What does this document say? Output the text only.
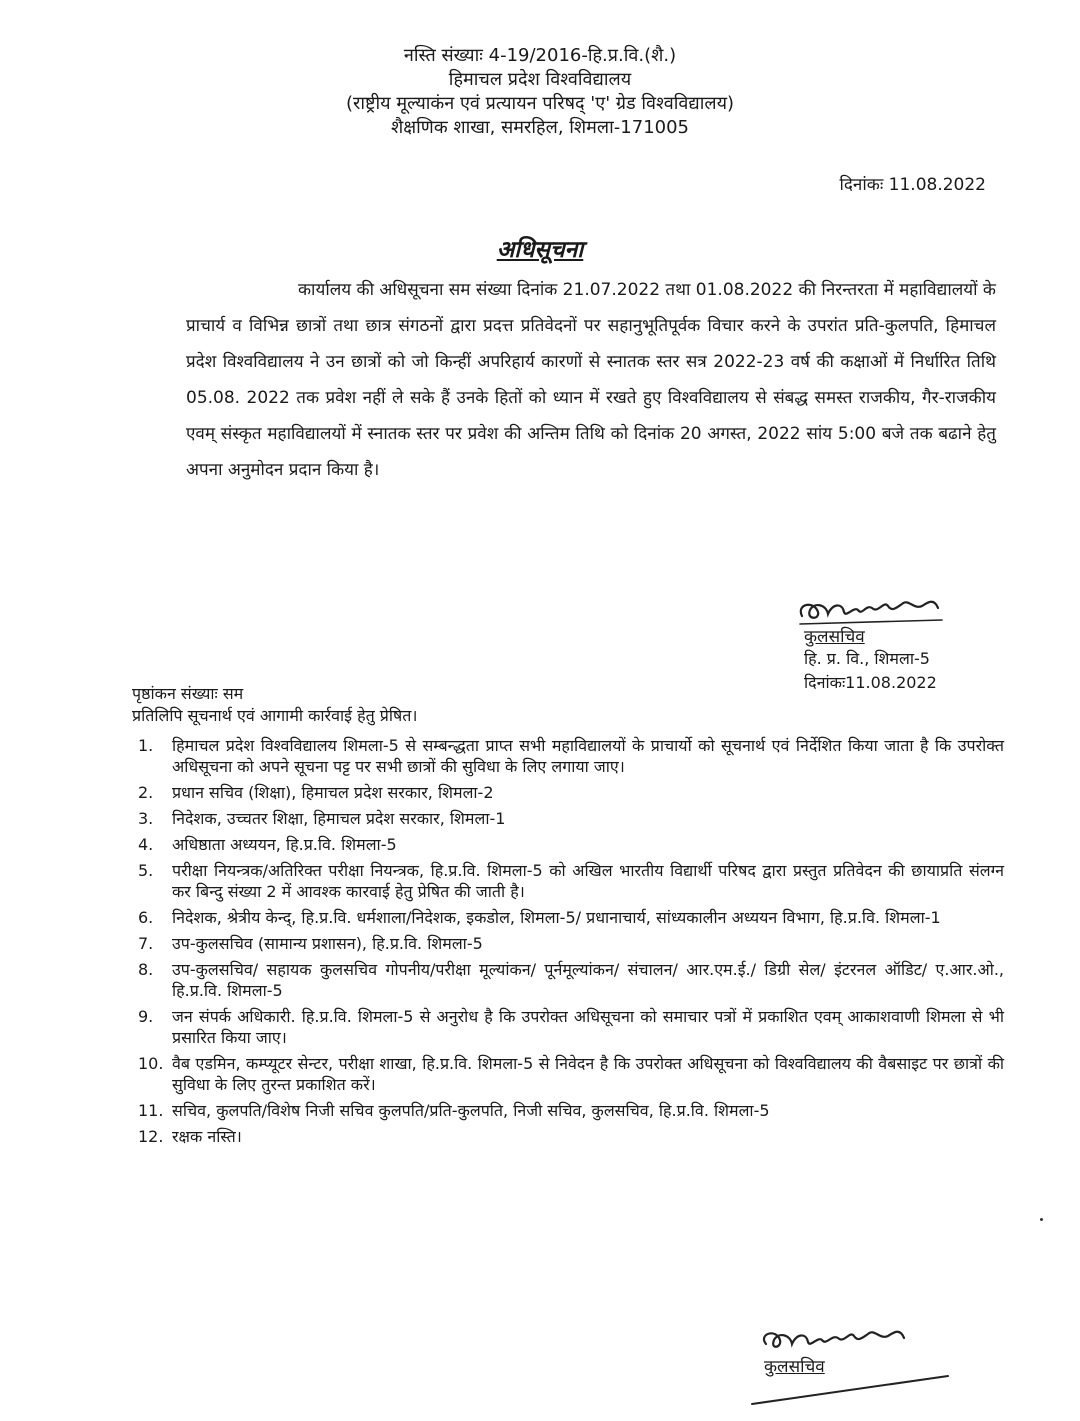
नस्ति संख्याः 4-19/2016-हि.प्र.वि.(शै.)
हिमाचल प्रदेश विश्वविद्यालय
(राष्ट्रीय मूल्याकंन एवं प्रत्यायन परिषद् 'ए' ग्रेड विश्वविद्यालय)
शैक्षणिक शाखा, समरहिल, शिमला-171005
दिनांकः 11.08.2022
अधिसूचना
कार्यालय की अधिसूचना सम संख्या दिनांक 21.07.2022 तथा 01.08.2022 की निरन्तरता में महाविद्यालयों के प्राचार्य व विभिन्न छात्रों तथा छात्र संगठनों द्वारा प्रदत्त प्रतिवेदनों पर सहानुभूतिपूर्वक विचार करने के उपरांत प्रति-कुलपति, हिमाचल प्रदेश विश्वविद्यालय ने उन छात्रों को जो किन्हीं अपरिहार्य कारणों से स्नातक स्तर सत्र 2022-23 वर्ष की कक्षाओं में निर्धारित तिथि 05.08. 2022 तक प्रवेश नहीं ले सके हैं उनके हितों को ध्यान में रखते हुए विश्वविद्यालय से संबद्ध समस्त राजकीय, गैर-राजकीय एवम् संस्कृत महाविद्यालयों में स्नातक स्तर पर प्रवेश की अन्तिम तिथि को दिनांक 20 अगस्त, 2022 सांय 5:00 बजे तक बढाने हेतु अपना अनुमोदन प्रदान किया है।
कुलसचिव
हि. प्र. वि., शिमला-5
दिनांकः11.08.2022
पृष्ठांकन संख्याः सम
प्रतिलिपि सूचनार्थ एवं आगामी कार्रवाई हेतु प्रेषित।
1.	हिमाचल प्रदेश विश्वविद्यालय शिमला-5 से सम्बन्द्धता प्राप्त सभी महाविद्यालयों के प्राचार्यो को सूचनार्थ एवं निर्देशित किया जाता है कि उपरोक्त अधिसूचना को अपने सूचना पट्ट पर सभी छात्रों की सुविधा के लिए लगाया जाए।
2.	प्रधान सचिव (शिक्षा), हिमाचल प्रदेश सरकार, शिमला-2
3.	निदेशक, उच्चतर शिक्षा, हिमाचल प्रदेश सरकार, शिमला-1
4.	अधिष्ठाता अध्ययन, हि.प्र.वि. शिमला-5
5.	परीक्षा नियन्त्रक/अतिरिक्त परीक्षा नियन्त्रक, हि.प्र.वि. शिमला-5 को अखिल भारतीय विद्यार्थी परिषद द्वारा प्रस्तुत प्रतिवेदन की छायाप्रति संलग्न कर बिन्दु संख्या 2 में आवश्क कारवाई हेतु प्रेषित की जाती है।
6.	निदेशक, श्रेत्रीय केन्द्, हि.प्र.वि. धर्मशाला/निदेशक, इकडोल, शिमला-5/ प्रधानाचार्य, सांध्यकालीन अध्ययन विभाग, हि.प्र.वि. शिमला-1
7.	उप-कुलसचिव (सामान्य प्रशासन), हि.प्र.वि. शिमला-5
8.	उप-कुलसचिव/ सहायक कुलसचिव गोपनीय/परीक्षा मूल्यांकन/ पूर्नमूल्यांकन/ संचालन/ आर.एम.ई./ डिग्री सेल/ इंटरनल ऑडिट/ ए.आर.ओ., हि.प्र.वि. शिमला-5
9.	जन संपर्क अधिकारी. हि.प्र.वि. शिमला-5 से अनुरोध है कि उपरोक्त अधिसूचना को समाचार पत्रों में प्रकाशित एवम् आकाशवाणी शिमला से भी प्रसारित किया जाए।
10. वैब एडमिन, कम्प्यूटर सेन्टर, परीक्षा शाखा, हि.प्र.वि. शिमला-5 से निवेदन है कि उपरोक्त अधिसूचना को विश्वविद्यालय की वैबसाइट पर छात्रों की सुविधा के लिए तुरन्त प्रकाशित करें।
11. सचिव, कुलपति/विशेष निजी सचिव कुलपति/प्रति-कुलपति, निजी सचिव, कुलसचिव, हि.प्र.वि. शिमला-5
12. रक्षक नस्ति।
कुलसचिव
